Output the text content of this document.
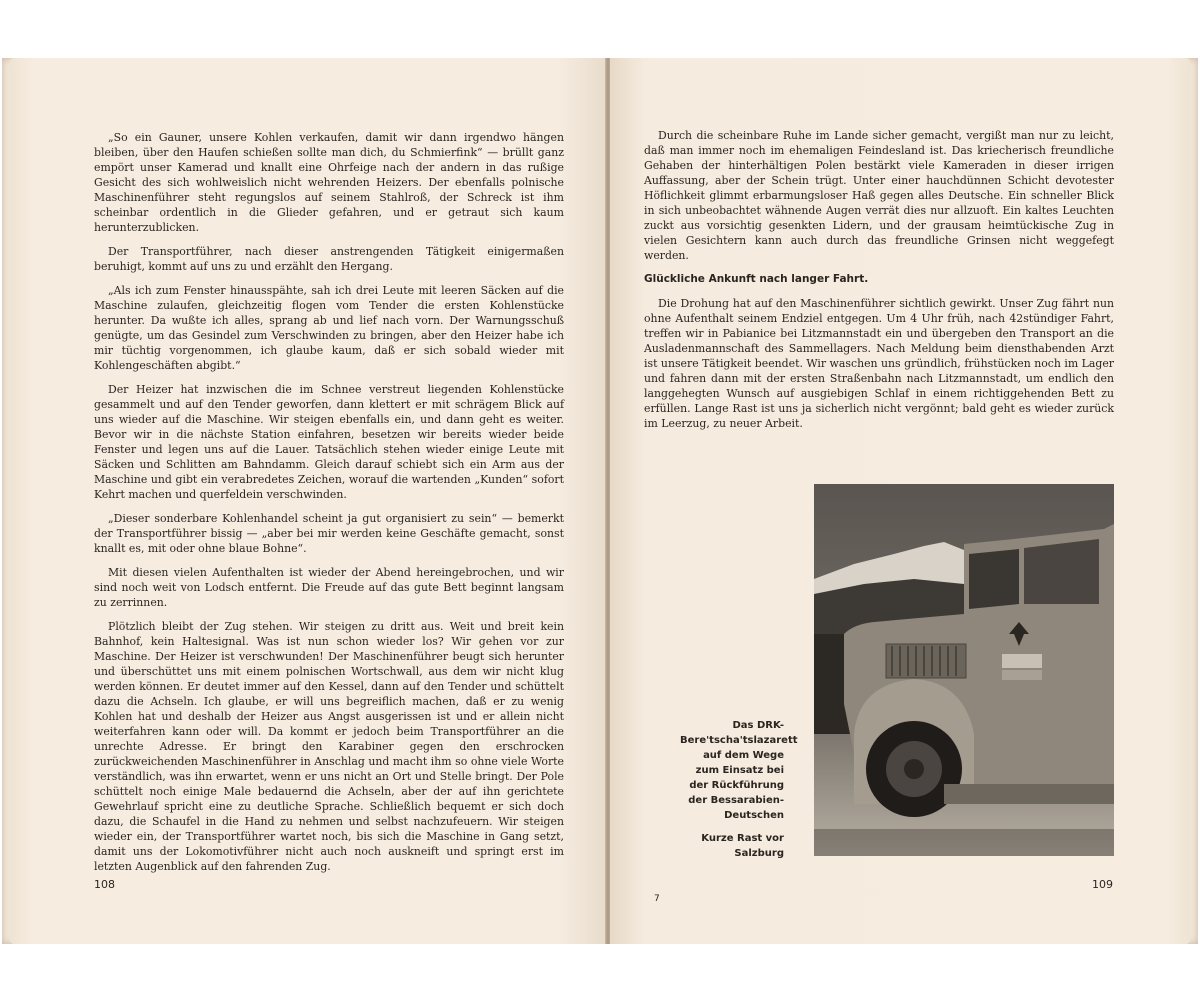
„So ein Gauner, unsere Kohlen verkaufen, damit wir dann irgendwo hängen bleiben, über den Haufen schießen sollte man dich, du Schmierfink“ — brüllt ganz empört unser Kamerad und knallt eine Ohrfeige nach der andern in das rußige Gesicht des sich wohlweislich nicht wehrenden Heizers. Der ebenfalls polnische Maschinenführer steht regungslos auf seinem Stahlroß, der Schreck ist ihm scheinbar ordentlich in die Glieder gefahren, und er getraut sich kaum herunterzublicken.

Der Transportführer, nach dieser anstrengenden Tätigkeit einigermaßen beruhigt, kommt auf uns zu und erzählt den Hergang.

„Als ich zum Fenster hinausspähte, sah ich drei Leute mit leeren Säcken auf die Maschine zulaufen, gleichzeitig flogen vom Tender die ersten Kohlenstücke herunter. Da wußte ich alles, sprang ab und lief nach vorn. Der Warnungsschuß genügte, um das Gesindel zum Verschwinden zu bringen, aber den Heizer habe ich mir tüchtig vorgenommen, ich glaube kaum, daß er sich sobald wieder mit Kohlengeschäften abgibt.“

Der Heizer hat inzwischen die im Schnee verstreut liegenden Kohlenstücke gesammelt und auf den Tender geworfen, dann klettert er mit schrägem Blick auf uns wieder auf die Maschine. Wir steigen ebenfalls ein, und dann geht es weiter. Bevor wir in die nächste Station einfahren, besetzen wir bereits wieder beide Fenster und legen uns auf die Lauer. Tatsächlich stehen wieder einige Leute mit Säcken und Schlitten am Bahndamm. Gleich darauf schiebt sich ein Arm aus der Maschine und gibt ein verabredetes Zeichen, worauf die wartenden „Kunden“ sofort Kehrt machen und querfeldein verschwinden.

„Dieser sonderbare Kohlenhandel scheint ja gut organisiert zu sein“ — bemerkt der Transportführer bissig — „aber bei mir werden keine Geschäfte gemacht, sonst knallt es, mit oder ohne blaue Bohne“.

Mit diesen vielen Aufenthalten ist wieder der Abend hereingebrochen, und wir sind noch weit von Lodsch entfernt. Die Freude auf das gute Bett beginnt langsam zu zerrinnen.

Plötzlich bleibt der Zug stehen. Wir steigen zu dritt aus. Weit und breit kein Bahnhof, kein Haltesignal. Was ist nun schon wieder los? Wir gehen vor zur Maschine. Der Heizer ist verschwunden! Der Maschinenführer beugt sich herunter und überschüttet uns mit einem polnischen Wortschwall, aus dem wir nicht klug werden können. Er deutet immer auf den Kessel, dann auf den Tender und schüttelt dazu die Achseln. Ich glaube, er will uns begreiflich machen, daß er zu wenig Kohlen hat und deshalb der Heizer aus Angst ausgerissen ist und er allein nicht weiterfahren kann oder will. Da kommt er jedoch beim Transportführer an die unrechte Adresse. Er bringt den Karabiner gegen den erschrocken zurückweichenden Maschinenführer in Anschlag und macht ihm so ohne viele Worte verständlich, was ihn erwartet, wenn er uns nicht an Ort und Stelle bringt. Der Pole schüttelt noch einige Male bedauernd die Achseln, aber der auf ihn gerichtete Gewehrlauf spricht eine zu deutliche Sprache. Schließlich bequemt er sich doch dazu, die Schaufel in die Hand zu nehmen und selbst nachzufeuern. Wir steigen wieder ein, der Transportführer wartet noch, bis sich die Maschine in Gang setzt, damit uns der Lokomotivführer nicht auch noch auskneift und springt erst im letzten Augenblick auf den fahrenden Zug.

108

Durch die scheinbare Ruhe im Lande sicher gemacht, vergißt man nur zu leicht, daß man immer noch im ehemaligen Feindesland ist. Das kriecherisch freundliche Gehaben der hinterhältigen Polen bestärkt viele Kameraden in dieser irrigen Auffassung, aber der Schein trügt. Unter einer hauchdünnen Schicht devotester Höflichkeit glimmt erbarmungsloser Haß gegen alles Deutsche. Ein schneller Blick in sich unbeobachtet wähnende Augen verrät dies nur allzuoft. Ein kaltes Leuchten zuckt aus vorsichtig gesenkten Lidern, und der grausam heimtückische Zug in vielen Gesichtern kann auch durch das freundliche Grinsen nicht weggefegt werden.

Glückliche Ankunft nach langer Fahrt.

Die Drohung hat auf den Maschinenführer sichtlich gewirkt. Unser Zug fährt nun ohne Aufenthalt seinem Endziel entgegen. Um 4 Uhr früh, nach 42stündiger Fahrt, treffen wir in Pabianice bei Litzmannstadt ein und übergeben den Transport an die Ausladenmannschaft des Sammellagers. Nach Meldung beim diensthabenden Arzt ist unsere Tätigkeit beendet. Wir waschen uns gründlich, frühstücken noch im Lager und fahren dann mit der ersten Straßenbahn nach Litzmannstadt, um endlich den langgehegten Wunsch auf ausgiebigen Schlaf in einem richtiggehenden Bett zu erfüllen. Lange Rast ist uns ja sicherlich nicht vergönnt; bald geht es wieder zurück im Leerzug, zu neuer Arbeit.

Das DRK-
Bere'tscha'tslazarett
auf dem Wege
zum Einsatz bei
der Rückführung
der Bessarabien-
Deutschen
Kurze Rast vor
Salzburg
7
109
